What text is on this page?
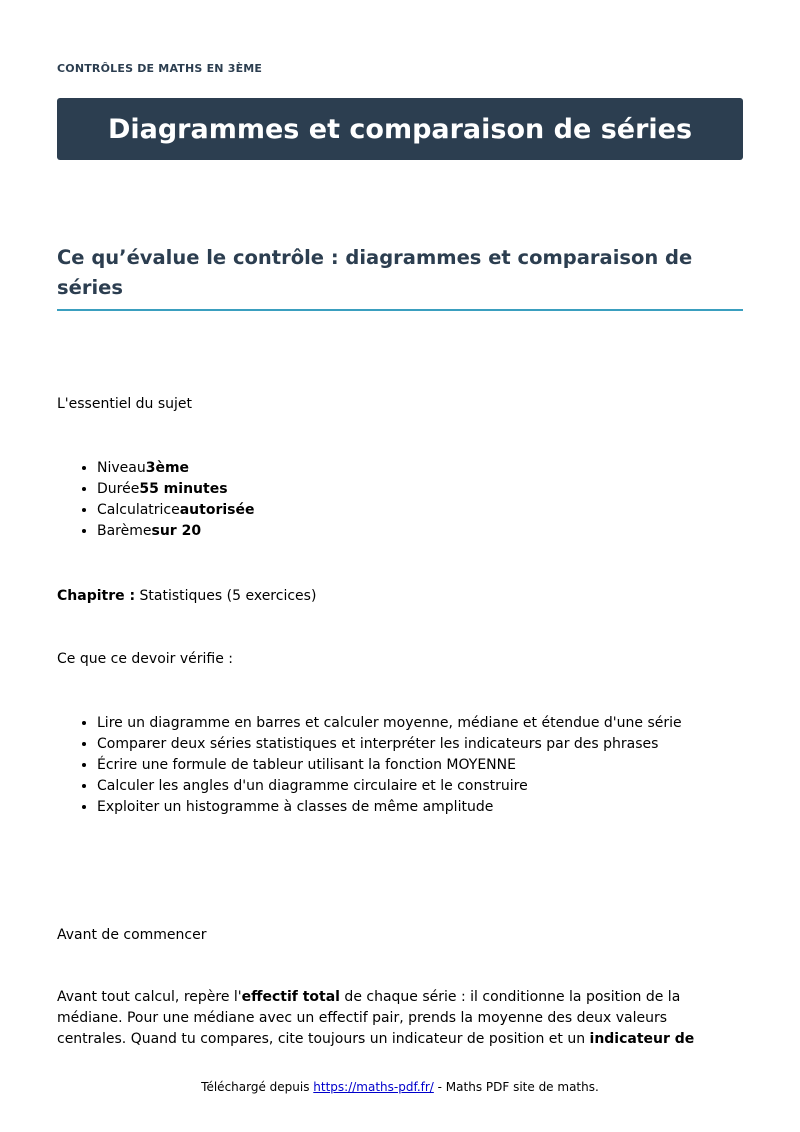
CONTRÔLES DE MATHS EN 3ÈME
Diagrammes et comparaison de séries
Ce qu’évalue le contrôle : diagrammes et comparaison de séries

L'essentiel du sujet

• Niveau3ème
• Durée55 minutes
• Calculatriceautorisée
• Barèmesur 20

Chapitre : Statistiques (5 exercices)

Ce que ce devoir vérifie :

• Lire un diagramme en barres et calculer moyenne, médiane et étendue d'une série
• Comparer deux séries statistiques et interpréter les indicateurs par des phrases
• Écrire une formule de tableur utilisant la fonction MOYENNE
• Calculer les angles d'un diagramme circulaire et le construire
• Exploiter un histogramme à classes de même amplitude

Avant de commencer

Avant tout calcul, repère l'effectif total de chaque série : il conditionne la position de la médiane. Pour une médiane avec un effectif pair, prends la moyenne des deux valeurs centrales. Quand tu compares, cite toujours un indicateur de position et un indicateur de

Téléchargé depuis https://maths-pdf.fr/ - Maths PDF site de maths.
